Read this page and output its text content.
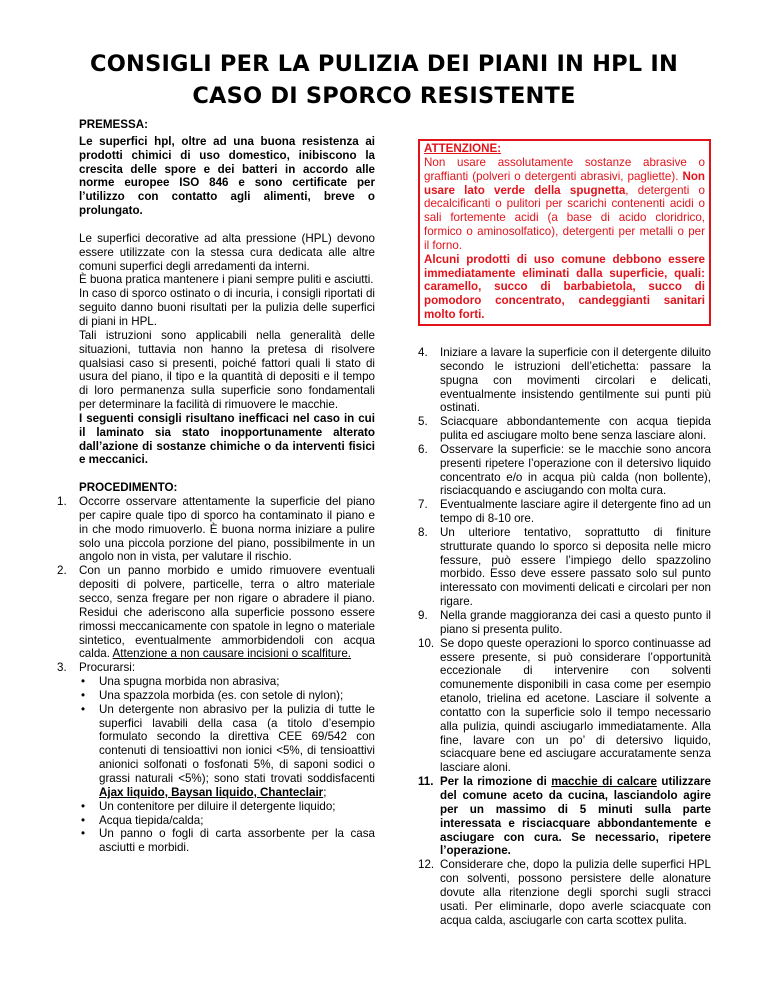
CONSIGLI PER LA PULIZIA DEI PIANI IN HPL IN
CASO DI SPORCO RESISTENTE
PREMESSA:

Le superfici hpl, oltre ad una buona resistenza ai prodotti chimici di uso domestico, inibiscono la crescita delle spore e dei batteri in accordo alle norme europee ISO 846 e sono certificate per l’utilizzo con contatto agli alimenti, breve o prolungato.

Le superfici decorative ad alta pressione (HPL) devono essere utilizzate con la stessa cura dedicata alle altre comuni superfici degli arredamenti da interni.

È buona pratica mantenere i piani sempre puliti e asciutti.

In caso di sporco ostinato o di incuria, i consigli riportati di seguito danno buoni risultati per la pulizia delle superfici di piani in HPL.

Tali istruzioni sono applicabili nella generalità delle situazioni, tuttavia non hanno la pretesa di risolvere qualsiasi caso si presenti, poiché fattori quali li stato di usura del piano, il tipo e la quantità di depositi e il tempo di loro permanenza sulla superficie sono fondamentali per determinare la facilità di rimuovere le macchie.

I seguenti consigli risultano inefficaci nel caso in cui il laminato sia stato inopportunamente alterato dall’azione di sostanze chimiche o da interventi fisici e meccanici.

PROCEDIMENTO:
1. Occorre osservare attentamente la superficie del piano per capire quale tipo di sporco ha contaminato il piano e in che modo rimuoverlo. È buona norma iniziare a pulire solo una piccola porzione del piano, possibilmente in un angolo non in vista, per valutare il rischio.
2. Con un panno morbido e umido rimuovere eventuali depositi di polvere, particelle, terra o altro materiale secco, senza fregare per non rigare o abradere il piano. Residui che aderiscono alla superficie possono essere rimossi meccanicamente con spatole in legno o materiale sintetico, eventualmente ammorbidendoli con acqua calda. Attenzione a non causare incisioni o scalfiture.
3. Procurarsi:
• Una spugna morbida non abrasiva;
• Una spazzola morbida (es. con setole di nylon);
• Un detergente non abrasivo per la pulizia di tutte le superfici lavabili della casa (a titolo d’esempio formulato secondo la direttiva CEE 69/542 con contenuti di tensioattivi non ionici <5%, di tensioattivi anionici solfonati o fosfonati 5%, di saponi sodici o grassi naturali <5%); sono stati trovati soddisfacenti Ajax liquido, Baysan liquido, Chanteclair;
• Un contenitore per diluire il detergente liquido;
• Acqua tiepida/calda;
• Un panno o fogli di carta assorbente per la casa asciutti e morbidi.
ATTENZIONE:
Non usare assolutamente sostanze abrasive o graffianti (polveri o detergenti abrasivi, pagliette). Non usare lato verde della spugnetta, detergenti o decalcificanti o pulitori per scarichi contenenti acidi o sali fortemente acidi (a base di acido cloridrico, formico o aminosolfatico), detergenti per metalli o per il forno.
Alcuni prodotti di uso comune debbono essere immediatamente eliminati dalla superficie, quali: caramello, succo di barbabietola, succo di pomodoro concentrato, candeggianti sanitari molto forti.
4. Iniziare a lavare la superficie con il detergente diluito secondo le istruzioni dell’etichetta: passare la spugna con movimenti circolari e delicati, eventualmente insistendo gentilmente sui punti più ostinati.
5. Sciacquare abbondantemente con acqua tiepida pulita ed asciugare molto bene senza lasciare aloni.
6. Osservare la superficie: se le macchie sono ancora presenti ripetere l’operazione con il detersivo liquido concentrato e/o in acqua più calda (non bollente), risciacquando e asciugando con molta cura.
7. Eventualmente lasciare agire il detergente fino ad un tempo di 8-10 ore.
8. Un ulteriore tentativo, soprattutto di finiture strutturate quando lo sporco si deposita nelle micro fessure, può essere l’impiego dello spazzolino morbido. Esso deve essere passato solo sul punto interessato con movimenti delicati e circolari per non rigare.
9. Nella grande maggioranza dei casi a questo punto il piano si presenta pulito.
10. Se dopo queste operazioni lo sporco continuasse ad essere presente, si può considerare l’opportunità eccezionale di intervenire con solventi comunemente disponibili in casa come per esempio etanolo, trielina ed acetone. Lasciare il solvente a contatto con la superficie solo il tempo necessario alla pulizia, quindi asciugarlo immediatamente. Alla fine, lavare con un po’ di detersivo liquido, sciacquare bene ed asciugare accuratamente senza lasciare aloni.
11. Per la rimozione di macchie di calcare utilizzare del comune aceto da cucina, lasciandolo agire per un massimo di 5 minuti sulla parte interessata e risciacquare abbondantemente e asciugare con cura. Se necessario, ripetere l’operazione.
12. Considerare che, dopo la pulizia delle superfici HPL con solventi, possono persistere delle alonature dovute alla ritenzione degli sporchi sugli stracci usati. Per eliminarle, dopo averle sciacquate con acqua calda, asciugarle con carta scottex pulita.
